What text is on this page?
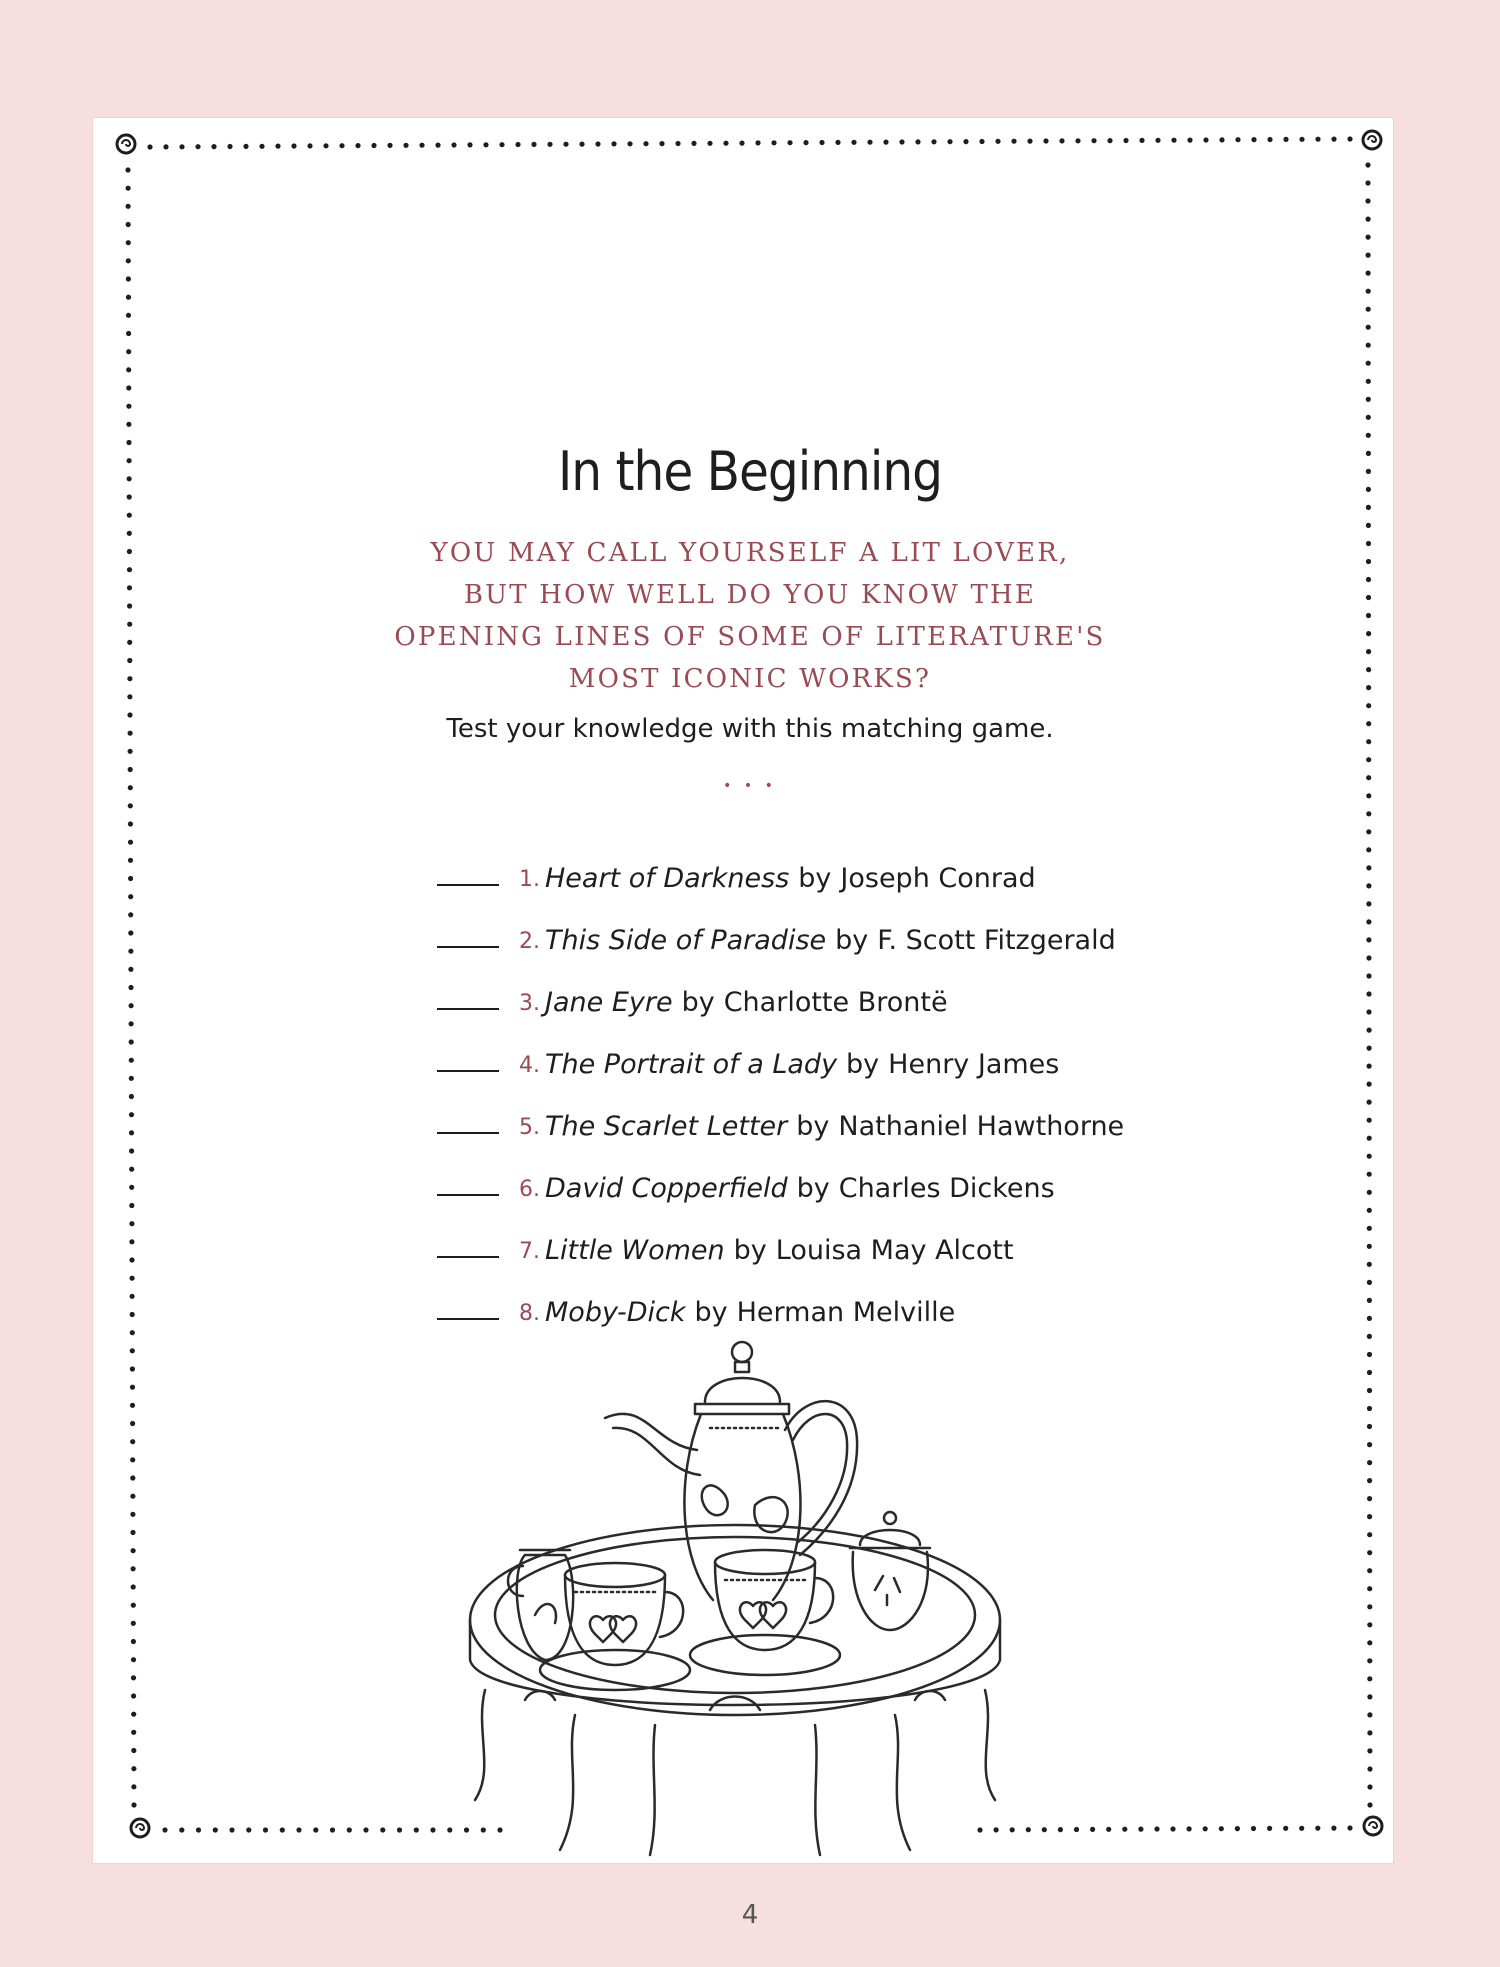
In the Beginning

YOU MAY CALL YOURSELF A LIT LOVER,
BUT HOW WELL DO YOU KNOW THE
OPENING LINES OF SOME OF LITERATURE'S
MOST ICONIC WORKS?

Test your knowledge with this matching game.

• • •
1. Heart of Darkness by Joseph Conrad
2. This Side of Paradise by F. Scott Fitzgerald
3. Jane Eyre by Charlotte Brontë
4. The Portrait of a Lady by Henry James
5. The Scarlet Letter by Nathaniel Hawthorne
6. David Copperfield by Charles Dickens
7. Little Women by Louisa May Alcott
8. Moby-Dick by Herman Melville
4
